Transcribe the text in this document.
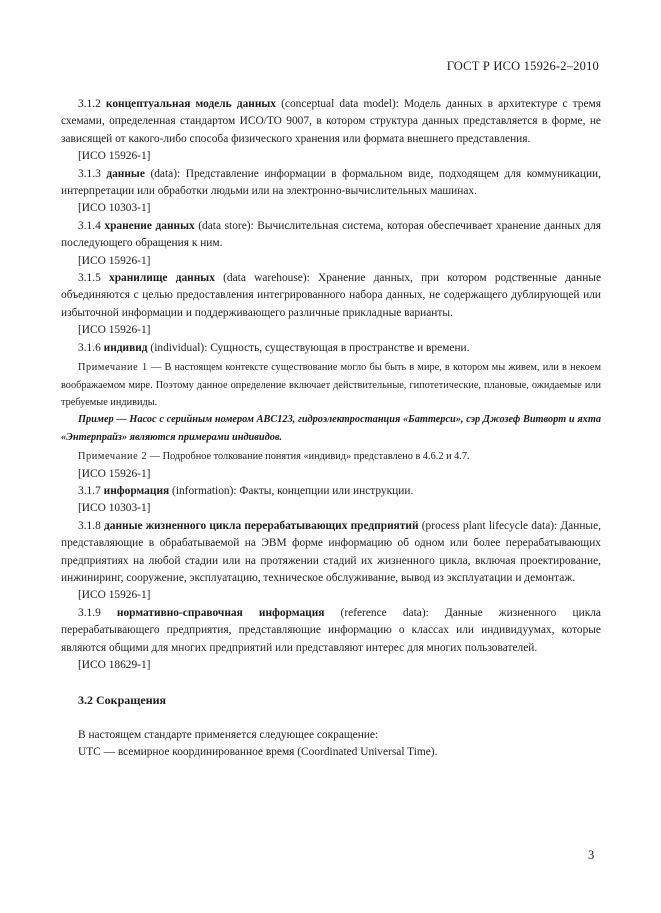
ГОСТ Р ИСО 15926-2–2010

3.1.2 концептуальная модель данных (conceptual data model): Модель данных в архитектуре с тремя схемами, определенная стандартом ИСО/ТО 9007, в котором структура данных представляется в форме, не зависящей от какого-либо способа физического хранения или формата внешнего представления.

[ИСО 15926-1]

3.1.3 данные (data): Представление информации в формальном виде, подходящем для коммуникации, интерпретации или обработки людьми или на электронно-вычислительных машинах.

[ИСО 10303-1]

3.1.4 хранение данных (data store): Вычислительная система, которая обеспечивает хранение данных для последующего обращения к ним.

[ИСО 15926-1]

3.1.5 хранилище данных (data warehouse): Хранение данных, при котором родственные данные объединяются с целью предоставления интегрированного набора данных, не содержащего дублирующей или избыточной информации и поддерживающего различные прикладные варианты.

[ИСО 15926-1]

3.1.6 индивид (individual): Сущность, существующая в пространстве и времени.

Примечание 1 — В настоящем контексте существование могло бы быть в мире, в котором мы живем, или в некоем воображаемом мире. Поэтому данное определение включает действительные, гипотетические, плановые, ожидаемые или требуемые индивиды.

Пример — Насос с серийным номером ABC123, гидроэлектростанция «Баттерси», сэр Джозеф Витворт и яхта «Энтерпрайз» являются примерами индивидов.

Примечание 2 — Подробное толкование понятия «индивид» представлено в 4.6.2 и 4.7.

[ИСО 15926-1]

3.1.7 информация (information): Факты, концепции или инструкции.

[ИСО 10303-1]

3.1.8 данные жизненного цикла перерабатывающих предприятий (process plant lifecycle data): Данные, представляющие в обрабатываемой на ЭВМ форме информацию об одном или более перерабатывающих предприятиях на любой стадии или на протяжении стадий их жизненного цикла, включая проектирование, инжиниринг, сооружение, эксплуатацию, техническое обслуживание, вывод из эксплуатации и демонтаж.

[ИСО 15926-1]

3.1.9 нормативно-справочная информация (reference data): Данные жизненного цикла перерабатывающего предприятия, представляющие информацию о классах или индивидуумах, которые являются общими для многих предприятий или представляют интерес для многих пользователей.

[ИСО 18629-1]

3.2 Сокращения

В настоящем стандарте применяется следующее сокращение:

UTC — всемирное координированное время (Coordinated Universal Time).

3
